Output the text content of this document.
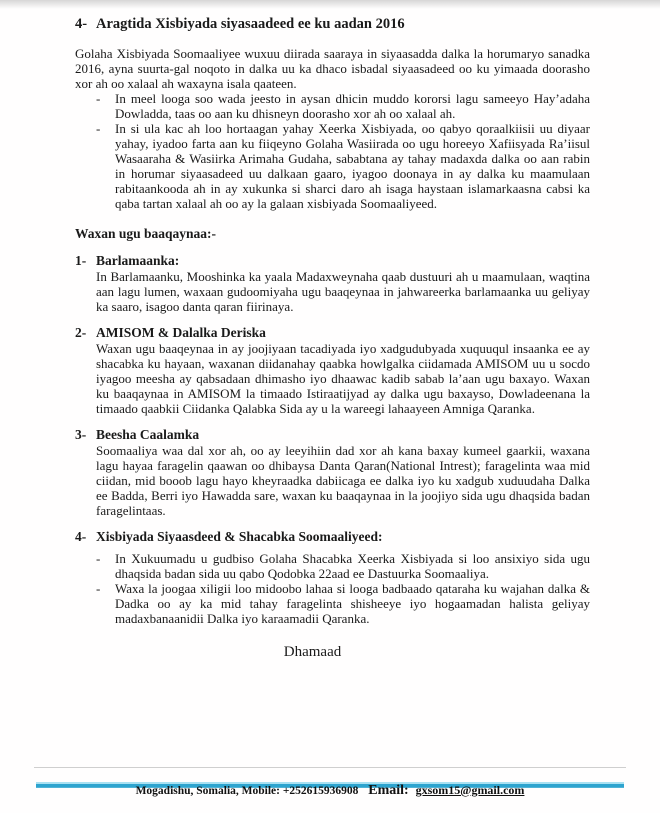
4- Aragtida Xisbiyada siyasaadeed ee ku aadan 2016

Golaha Xisbiyada Soomaaliyee wuxuu diirada saaraya in siyaasadda dalka la horumaryo sanadka 2016, ayna suurta-gal noqoto in dalka uu ka dhaco isbadal siyaasadeed oo ku yimaada doorasho xor ah oo xalaal ah waxayna isala qaateen.

-	In meel looga soo wada jeesto in aysan dhicin muddo kororsi lagu sameeyo Hay’adaha Dowladda, taas oo aan ku dhisneyn doorasho xor ah oo xalaal ah.

-	In si ula kac ah loo hortaagan yahay Xeerka Xisbiyada, oo qabyo qoraalkiisii uu diyaar yahay, iyadoo farta aan ku fiiqeyno Golaha Wasiirada oo ugu horeeyo Xafiisyada Ra’iisul Wasaaraha & Wasiirka Arimaha Gudaha, sababtana ay tahay madaxda dalka oo aan rabin in horumar siyaasadeed uu dalkaan gaaro, iyagoo doonaya in ay dalka ku maamulaan rabitaankooda ah in ay xukunka si sharci daro ah isaga haystaan islamarkaasna cabsi ka qaba tartan xalaal ah oo ay la galaan xisbiyada Soomaaliyeed.

Waxan ugu baaqaynaa:-

1- Barlamaanka:

In Barlamaanku, Mooshinka ka yaala Madaxweynaha qaab dustuuri ah u maamulaan, waqtina aan lagu lumen, waxaan gudoomiyaha ugu baaqeynaa in jahwareerka barlamaanka uu geliyay ka saaro, isagoo danta qaran fiirinaya.

2- AMISOM & Dalalka Deriska

Waxan ugu baaqeynaa in ay joojiyaan tacadiyada iyo xadgudubyada xuquuqul insaanka ee ay shacabka ku hayaan, waxanan diidanahay qaabka howlgalka ciidamada AMISOM uu u socdo iyagoo meesha ay qabsadaan dhimasho iyo dhaawac kadib sabab la’aan ugu baxayo. Waxan ku baaqaynaa in AMISOM la timaado Istiraatijyad ay dalka ugu baxayso, Dowladeenana la timaado qaabkii Ciidanka Qalabka Sida ay u la wareegi lahaayeen Amniga Qaranka.

3- Beesha Caalamka

Soomaaliya waa dal xor ah, oo ay leeyihiin dad xor ah kana baxay kumeel gaarkii, waxana lagu hayaa faragelin qaawan oo dhibaysa Danta Qaran(National Intrest); faragelinta waa mid ciidan, mid booob lagu hayo kheyraadka dabiicaga ee dalka iyo ku xadgub xuduudaha Dalka ee Badda, Berri iyo Hawadda sare, waxan ku baaqaynaa in la joojiyo sida ugu dhaqsida badan faragelintaas.

4- Xisbiyada Siyaasdeed & Shacabka Soomaaliyeed:
-	In Xukuumadu u gudbiso Golaha Shacabka Xeerka Xisbiyada si loo ansixiyo sida ugu dhaqsida badan sida uu qabo Qodobka 22aad ee Dastuurka Soomaaliya.

-	Waxa la joogaa xiligii loo midoobo lahaa si looga badbaado qataraha ku wajahan dalka & Dadka oo ay ka mid tahay faragelinta shisheeye iyo hogaamadan halista geliyay madaxbanaanidii Dalka iyo karaamadii Qaranka.

Dhamaad

Mogadishu, Somalia, Mobile: +252615936908 Email: gxsom15@gmail.com
